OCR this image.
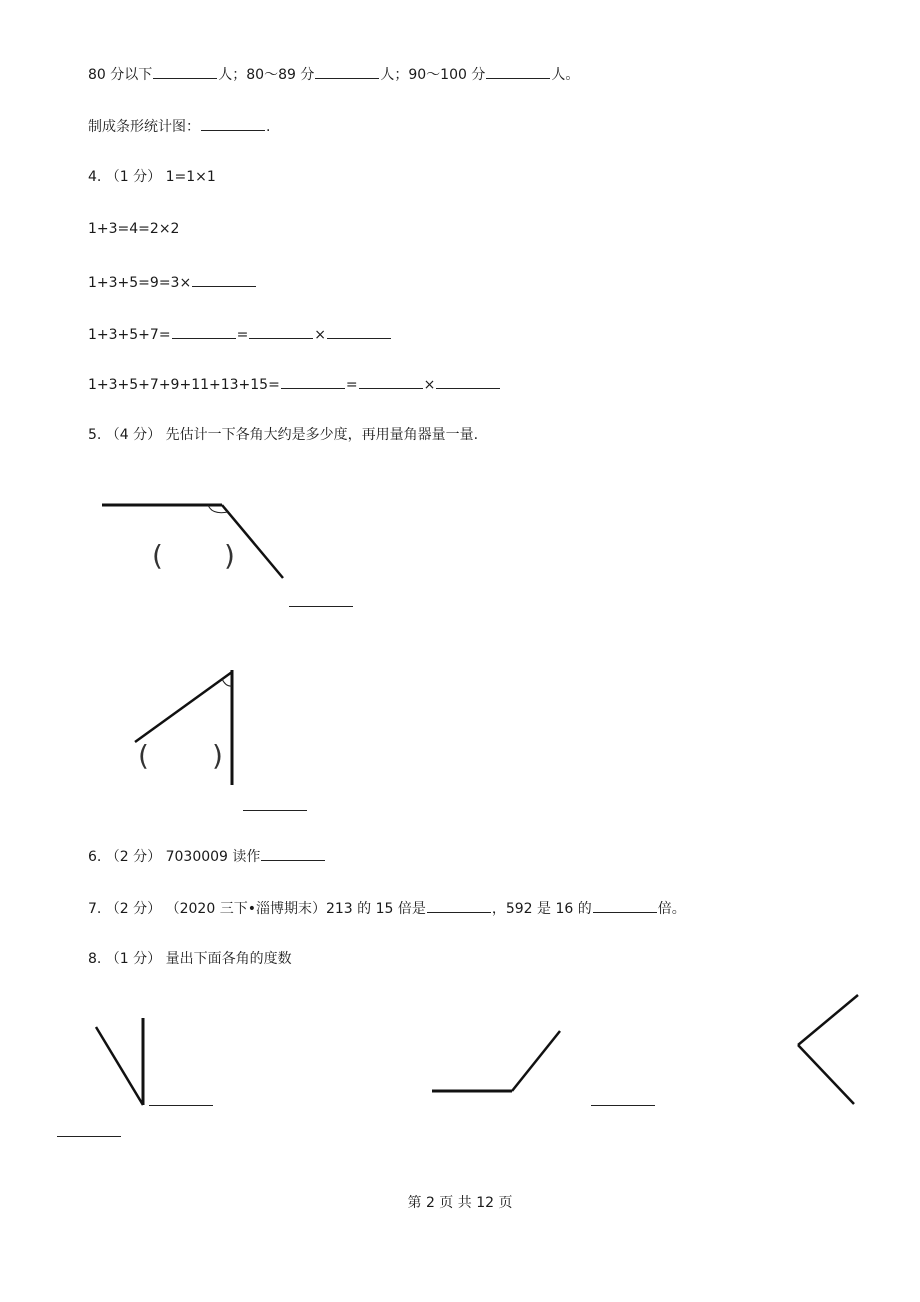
80 分以下	人；80～89 分	人；90～100 分	人。
制成条形统计图：	.
4. （1 分） 1=1×1
1+3=4=2×2
1+3+5=9=3×
1+3+5+7=	=	×
1+3+5+7+9+11+13+15=	=	×
5. （4 分） 先估计一下各角大约是多少度，再用量角器量一量.
( )
( )
6. （2 分） 7030009 读作
7. （2 分） （2020 三下•淄博期末）213 的 15 倍是	，592 是 16 的	倍。
8. （1 分） 量出下面各角的度数
第 2 页 共 12 页
